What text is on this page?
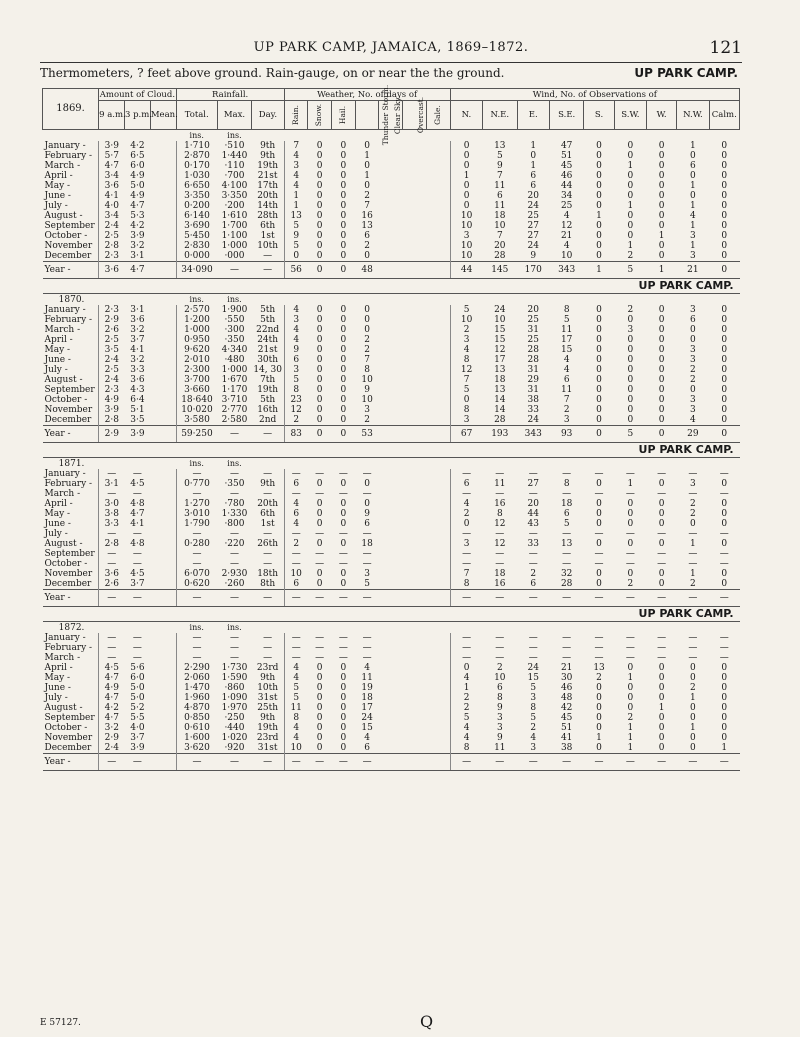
UP PARK CAMP, JAMAICA, 1869–1872.	121
Thermometers, ? feet above ground. Rain-gauge, on or near the the ground.	UP PARK CAMP.
1869.	Amount of Cloud.			Rainfall.			Weather, No. of days of							Wind, No. of Observations of								
	9 a.m.	3 p.m.	Mean.	Total.	Max.	Day.	Rain.	Snow.	Hail.	Thunder Storm.	Clear Sky.	Overcast.	Gale.	N.	N.E.	E.	S.E.	S.	S.W.	W.	N.W.	Calm.
				ins.	ins.																	
January -	3·9	4·2		1·710	·510	9th	7	0	0	0				0	13	1	47	0	0	0	1	0
February -	5·7	6·5		2·870	1·440	9th	4	0	0	1				0	5	0	51	0	0	0	0	0
March -	4·7	6·0		0·170	·110	19th	3	0	0	0				0	9	1	45	0	1	0	6	0
April -	3·4	4·9		1·030	·700	21st	4	0	0	1				1	7	6	46	0	0	0	0	0
May -	3·6	5·0		6·650	4·100	17th	4	0	0	0				0	11	6	44	0	0	0	1	0
June -	4·1	4·9		3·350	3·350	20th	1	0	0	2				0	6	20	34	0	0	0	0	0
July -	4·0	4·7		0·200	·200	14th	1	0	0	7				0	11	24	25	0	1	0	1	0
August -	3·4	5·3		6·140	1·610	28th	13	0	0	16				10	18	25	4	1	0	0	4	0
September	2·4	4·2		3·690	1·700	6th	5	0	0	13				10	10	27	12	0	0	0	1	0
October -	2·5	3·9		5·450	1·100	1st	9	0	0	6				3	7	27	21	0	0	1	3	0
November	2·8	3·2		2·830	1·000	10th	5	0	0	2				10	20	24	4	0	1	0	1	0
December	2·3	3·1		0·000	·000	—	0	0	0	0				10	28	9	10	0	2	0	3	0
Year -	3·6	4·7		34·090	—	—	56	0	0	48				44	145	170	343	1	5	1	21	0
UP PARK CAMP.																						
1870.				ins.	ins.																	
January -	2·3	3·1		2·570	1·900	5th	4	0	0	0				5	24	20	8	0	2	0	3	0
February -	2·9	3·6		1·200	·550	5th	3	0	0	0				10	10	25	5	0	0	0	6	0
March -	2·6	3·2		1·000	·300	22nd	4	0	0	0				2	15	31	11	0	3	0	0	0
April -	2·5	3·7		0·950	·350	24th	4	0	0	2				3	15	25	17	0	0	0	0	0
May -	3·5	4·1		9·620	4·340	21st	9	0	0	2				4	12	28	15	0	0	0	3	0
June -	2·4	3·2		2·010	·480	30th	6	0	0	7				8	17	28	4	0	0	0	3	0
July -	2·5	3·3		2·300	1·000	14, 30	3	0	0	8				12	13	31	4	0	0	0	2	0
August -	2·4	3·6		3·700	1·670	7th	5	0	0	10				7	18	29	6	0	0	0	2	0
September	2·3	4·3		3·660	1·170	19th	8	0	0	9				5	13	31	11	0	0	0	0	0
October -	4·9	6·4		18·640	3·710	5th	23	0	0	10				0	14	38	7	0	0	0	3	0
November	3·9	5·1		10·020	2·770	16th	12	0	0	3				8	14	33	2	0	0	0	3	0
December	2·8	3·5		3·580	2·580	2nd	2	0	0	2				3	28	24	3	0	0	0	4	0
Year -	2·9	3·9		59·250	—	—	83	0	0	53				67	193	343	93	0	5	0	29	0
UP PARK CAMP.																						
1871.				ins.	ins.																	
January -	—	—		—	—	—	—	—	—	—				—	—	—	—	—	—	—	—	—
February -	3·1	4·5		0·770	·350	9th	6	0	0	0				6	11	27	8	0	1	0	3	0
March -	—	—		—	—	—	—	—	—	—				—	—	—	—	—	—	—	—	—
April -	3·0	4·8		1·270	·780	20th	4	0	0	0				4	16	20	18	0	0	0	2	0
May -	3·8	4·7		3·010	1·330	6th	6	0	0	9				2	8	44	6	0	0	0	2	0
June -	3·3	4·1		1·790	·800	1st	4	0	0	6				0	12	43	5	0	0	0	0	0
July -	—	—		—	—	—	—	—	—	—				—	—	—	—	—	—	—	—	—
August -	2·8	4·8		0·280	·220	26th	2	0	0	18				3	12	33	13	0	0	0	1	0
September	—	—		—	—	—	—	—	—	—				—	—	—	—	—	—	—	—	—
October -	—	—		—	—	—	—	—	—	—				—	—	—	—	—	—	—	—	—
November	3·6	4·5		6·070	2·930	18th	10	0	0	3				7	18	2	32	0	0	0	1	0
December	2·6	3·7		0·620	·260	8th	6	0	0	5				8	16	6	28	0	2	0	2	0
Year -	—	—		—	—	—	—	—	—	—				—	—	—	—	—	—	—	—	—
UP PARK CAMP.																						
1872.				ins.	ins.																	
January -	—	—		—	—	—	—	—	—	—				—	—	—	—	—	—	—	—	—
February -	—	—		—	—	—	—	—	—	—				—	—	—	—	—	—	—	—	—
March -	—	—		—	—	—	—	—	—	—				—	—	—	—	—	—	—	—	—
April -	4·5	5·6		2·290	1·730	23rd	4	0	0	4				0	2	24	21	13	0	0	0	0
May -	4·7	6·0		2·060	1·590	9th	4	0	0	11				4	10	15	30	2	1	0	0	0
June -	4·9	5·0		1·470	·860	10th	5	0	0	19				1	6	5	46	0	0	0	2	0
July -	4·7	5·0		1·960	1·090	31st	5	0	0	18				2	8	3	48	0	0	0	1	0
August -	4·2	5·2		4·870	1·970	25th	11	0	0	17				2	9	8	42	0	0	1	0	0
September	4·7	5·5		0·850	·250	9th	8	0	0	24				5	3	5	45	0	2	0	0	0
October -	3·2	4·0		0·610	·440	19th	4	0	0	15				4	3	2	51	0	1	0	1	0
November	2·9	3·7		1·600	1·020	23rd	4	0	0	4				4	9	4	41	1	1	0	0	0
December	2·4	3·9		3·620	·920	31st	10	0	0	6				8	11	3	38	0	1	0	0	1
Year -	—	—		—	—	—	—	—	—	—				—	—	—	—	—	—	—	—	—
E 57127.	Q
